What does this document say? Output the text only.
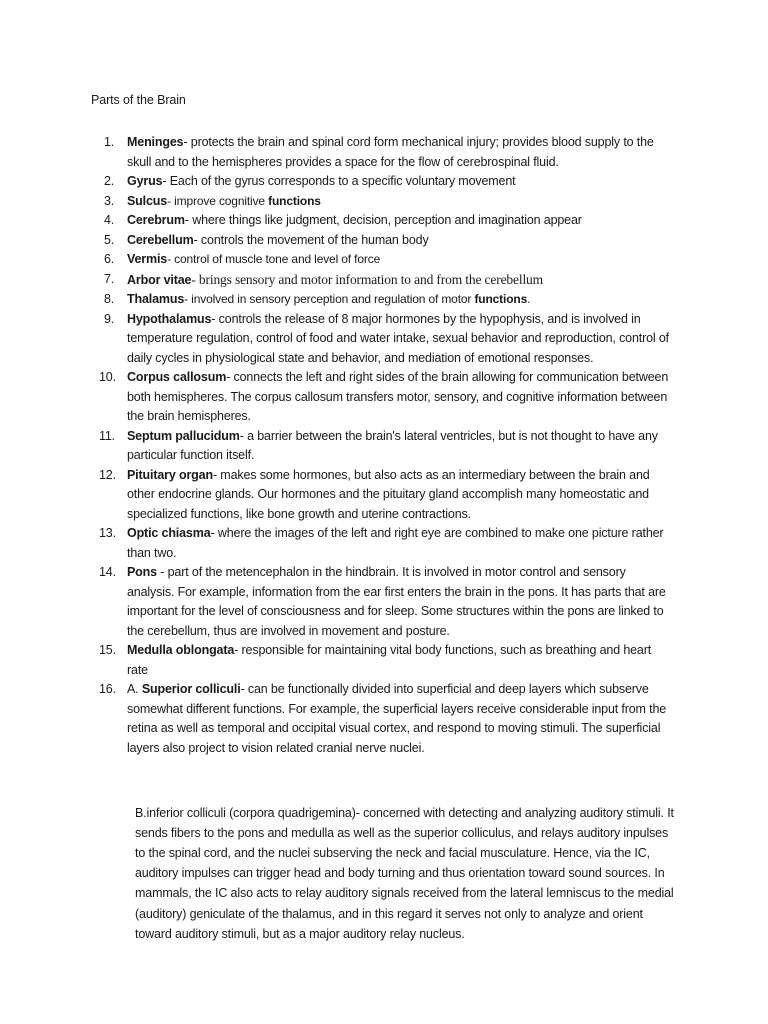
Parts of the Brain
1.	Meninges- protects the brain and spinal cord form mechanical injury; provides blood supply to the skull and to the hemispheres provides a space for the flow of cerebrospinal fluid.
2.	Gyrus- Each of the gyrus corresponds to a specific voluntary movement
3.	Sulcus- improve cognitive functions
4.	Cerebrum- where things like judgment, decision, perception and imagination appear
5.	Cerebellum- controls the movement of the human body
6.	Vermis- control of muscle tone and level of force
7.	Arbor vitae- brings sensory and motor information to and from the cerebellum
8.	Thalamus- involved in sensory perception and regulation of motor functions.
9.	Hypothalamus- controls the release of 8 major hormones by the hypophysis, and is involved in temperature regulation, control of food and water intake, sexual behavior and reproduction, control of daily cycles in physiological state and behavior, and mediation of emotional responses.
10. Corpus callosum- connects the left and right sides of the brain allowing for communication between both hemispheres. The corpus callosum transfers motor, sensory, and cognitive information between the brain hemispheres.
11. Septum pallucidum- a barrier between the brain's lateral ventricles, but is not thought to have any particular function itself.
12. Pituitary organ- makes some hormones, but also acts as an intermediary between the brain and other endocrine glands. Our hormones and the pituitary gland accomplish many homeostatic and specialized functions, like bone growth and uterine contractions.
13. Optic chiasma- where the images of the left and right eye are combined to make one picture rather than two.
14. Pons - part of the metencephalon in the hindbrain. It is involved in motor control and sensory analysis. For example, information from the ear first enters the brain in the pons. It has parts that are important for the level of consciousness and for sleep. Some structures within the pons are linked to the cerebellum, thus are involved in movement and posture.
15. Medulla oblongata- responsible for maintaining vital body functions, such as breathing and heart rate
16. A. Superior colliculi- can be functionally divided into superficial and deep layers which subserve somewhat different functions. For example, the superficial layers receive considerable input from the retina as well as temporal and occipital visual cortex, and respond to moving stimuli. The superficial layers also project to vision related cranial nerve nuclei.

B.inferior colliculi (corpora quadrigemina)- concerned with detecting and analyzing auditory stimuli. It sends fibers to the pons and medulla as well as the superior colliculus, and relays auditory inpulses to the spinal cord, and the nuclei subserving the neck and facial musculature. Hence, via the IC, auditory impulses can trigger head and body turning and thus orientation toward sound sources. In mammals, the IC also acts to relay auditory signals received from the lateral lemniscus to the medial (auditory) geniculate of the thalamus, and in this regard it serves not only to analyze and orient toward auditory stimuli, but as a major auditory relay nucleus.
